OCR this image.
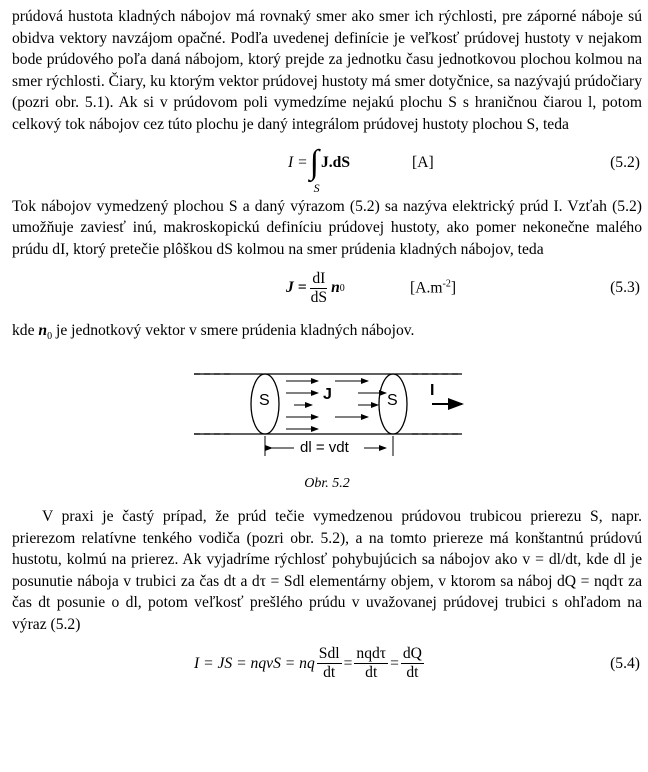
prúdová hustota kladných nábojov má rovnaký smer ako smer ich rýchlosti, pre záporné náboje sú obidva vektory navzájom opačné. Podľa uvedenej definície je veľkosť prúdovej hustoty v nejakom bode prúdového poľa daná nábojom, ktorý prejde za jednotku času jednotkovou plochou kolmou na smer rýchlosti. Čiary, ku ktorým vektor prúdovej hustoty má smer dotyčnice, sa nazývajú prúdočiary (pozri obr. 5.1). Ak si v prúdovom poli vymedzíme nejakú plochu S s hraničnou čiarou l, potom celkový tok nábojov cez túto plochu je daný integrálom prúdovej hustoty plochou S, teda

I = ∫
S
J.dS	[A]	(5.2)

Tok nábojov vymedzený plochou S a daný výrazom (5.2) sa nazýva elektrický prúd I. Vzťah (5.2) umožňuje zaviesť inú, makroskopickú definíciu prúdovej hustoty, ako pomer nekonečne malého prúdu dI, ktorý pretečie plôškou dS kolmou na smer prúdenia kladných nábojov, teda

$J = \frac{dI}{dS}$ n 0	$[A.m^{-2}]$	(5.3)

kde $n_0$ je jednotkový vektor v smere prúdenia kladných nábojov.

S	S
J	I
dl = vdt

Obr. 5.2

V praxi je častý prípad, že prúd tečie vymedzenou prúdovou trubicou prierezu S, napr. prierezom relatívne tenkého vodiča (pozri obr. 5.2), a na tomto priereze má konštantnú prúdovú hustotu, kolmú na prierez. Ak vyjadríme rýchlosť pohybujúcich sa nábojov ako v = dl/dt, kde dl je posunutie náboja v trubici za čas dt a dτ = Sdl elementárny objem, v ktorom sa náboj dQ = nqdτ za čas dt posunie o dl, potom veľkosť prešlého prúdu v uvažovanej prúdovej trubici s ohľadom na výraz (5.2)

I = JS = nqvS = nq $\frac{\text{Sdl}}{dt} = \frac{\text{nqdτ}}{dt} = \frac{dQ}{dt}$	(5.4)
